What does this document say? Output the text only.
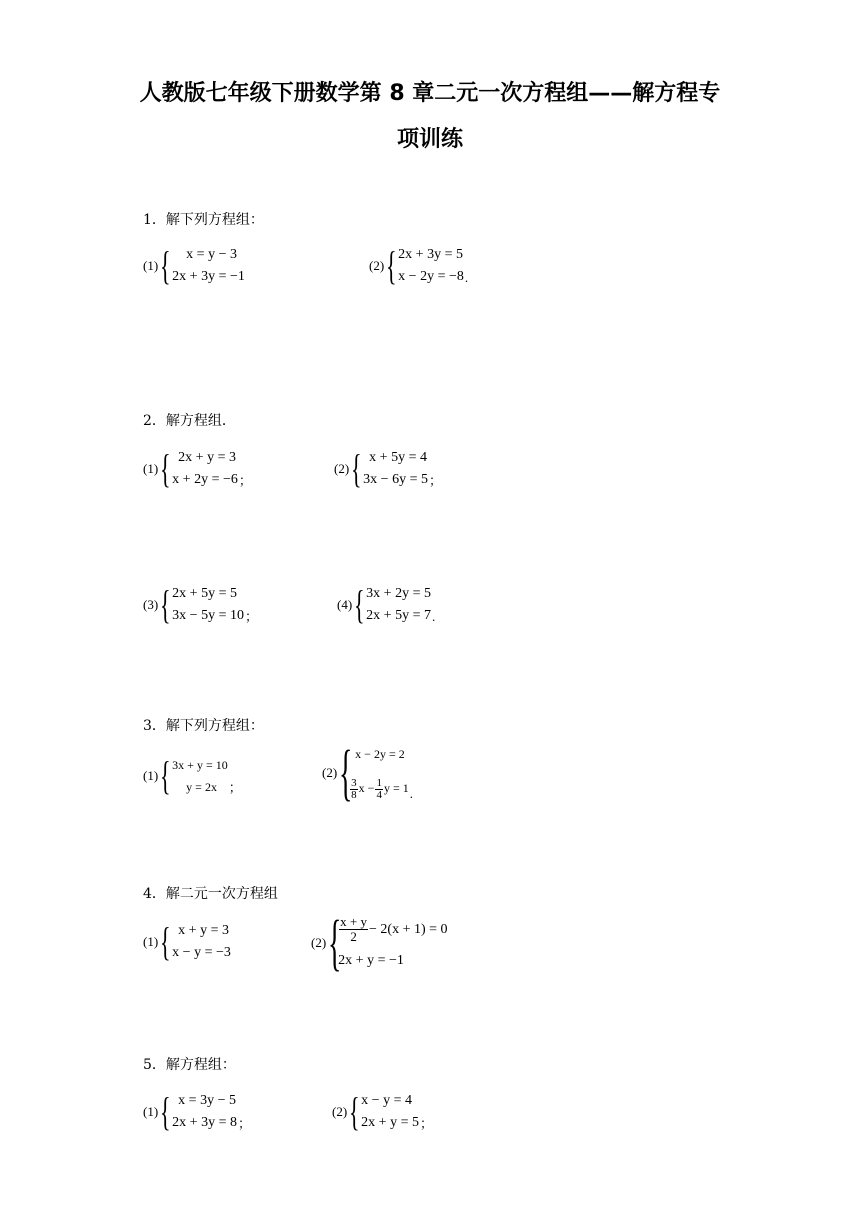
人教版七年级下册数学第 8 章二元一次方程组——解方程专
项训练
1．解下列方程组：
(1) {	x = y − 3
2x + 3y = −1
(2) { 2x + 3y = 5
x − 2y = −8 .
2．解方程组．
(1) { 2x + y = 3
x + 2y = −6 ；
(2) { x + 5y = 4
3x − 6y = 5 ；
(3) { 2x + 5y = 5
3x − 5y = 10 ；
(4) { 3x + 2y = 5
2x + 5y = 7 .
3．解下列方程组：
(1) { 3x + y = 10
y = 2x ；
(2) { x − 2y = 2
$\frac{3}{8}$ $x - \frac{1}{4}$ y = 1 .
4．解二元一次方程组
(1) { x + y = 3
x − y = −3
(2) {
$\frac{x + y}{2} - 2(x + 1) = 0$
2x + y = −1
5．解方程组：
(1) { x = 3y − 5
2x + 3y = 8 ；
(2) { x − y = 4
2x + y = 5 ；
